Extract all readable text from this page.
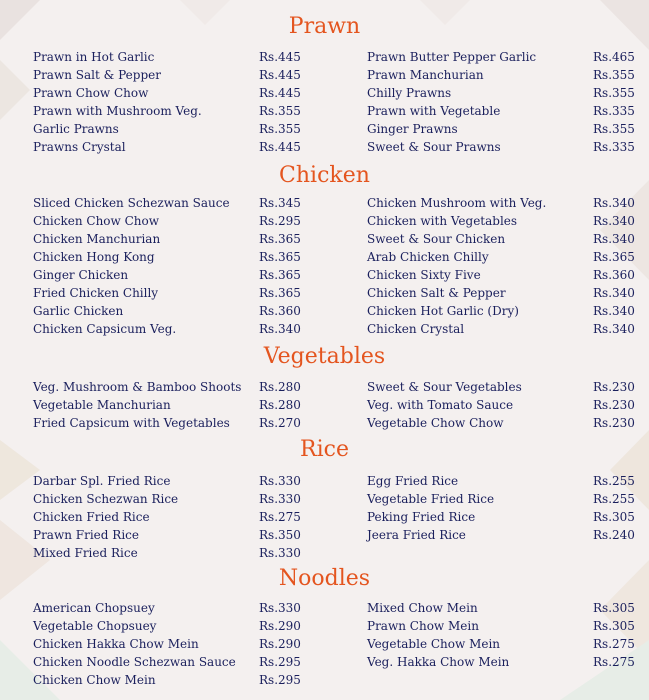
Prawn
Prawn in Hot Garlic	Rs.445
Prawn Salt & Pepper	Rs.445
Prawn Chow Chow	Rs.445
Prawn with Mushroom Veg.	Rs.355
Garlic Prawns	Rs.355
Prawns Crystal	Rs.445
Prawn Butter Pepper Garlic	Rs.465
Prawn Manchurian	Rs.355
Chilly Prawns	Rs.355
Prawn with Vegetable	Rs.335
Ginger Prawns	Rs.355
Sweet & Sour Prawns	Rs.335
Chicken
Sliced Chicken Schezwan Sauce Rs.345
Chicken Chow Chow	Rs.295
Chicken Manchurian	Rs.365
Chicken Hong Kong	Rs.365
Ginger Chicken	Rs.365
Fried Chicken Chilly	Rs.365
Garlic Chicken	Rs.360
Chicken Capsicum Veg.	Rs.340
Chicken Mushroom with Veg.	Rs.340
Chicken with Vegetables	Rs.340
Sweet & Sour Chicken	Rs.340
Arab Chicken Chilly	Rs.365
Chicken Sixty Five	Rs.360
Chicken Salt & Pepper	Rs.340
Chicken Hot Garlic (Dry)	Rs.340
Chicken Crystal	Rs.340
Vegetables
Veg. Mushroom & Bamboo Shoots Rs.280
Vegetable Manchurian	Rs.280
Fried Capsicum with Vegetables Rs.270
Sweet & Sour Vegetables	Rs.230
Veg. with Tomato Sauce	Rs.230
Vegetable Chow Chow	Rs.230
Rice
Darbar Spl. Fried Rice	Rs.330
Chicken Schezwan Rice	Rs.330
Chicken Fried Rice	Rs.275
Prawn Fried Rice	Rs.350
Mixed Fried Rice	Rs.330
Egg Fried Rice	Rs.255
Vegetable Fried Rice	Rs.255
Peking Fried Rice	Rs.305
Jeera Fried Rice	Rs.240
Noodles
American Chopsuey	Rs.330
Vegetable Chopsuey	Rs.290
Chicken Hakka Chow Mein	Rs.290
Chicken Noodle Schezwan Sauce Rs.295
Chicken Chow Mein	Rs.295
Mixed Chow Mein	Rs.305
Prawn Chow Mein	Rs.305
Vegetable Chow Mein	Rs.275
Veg. Hakka Chow Mein	Rs.275
